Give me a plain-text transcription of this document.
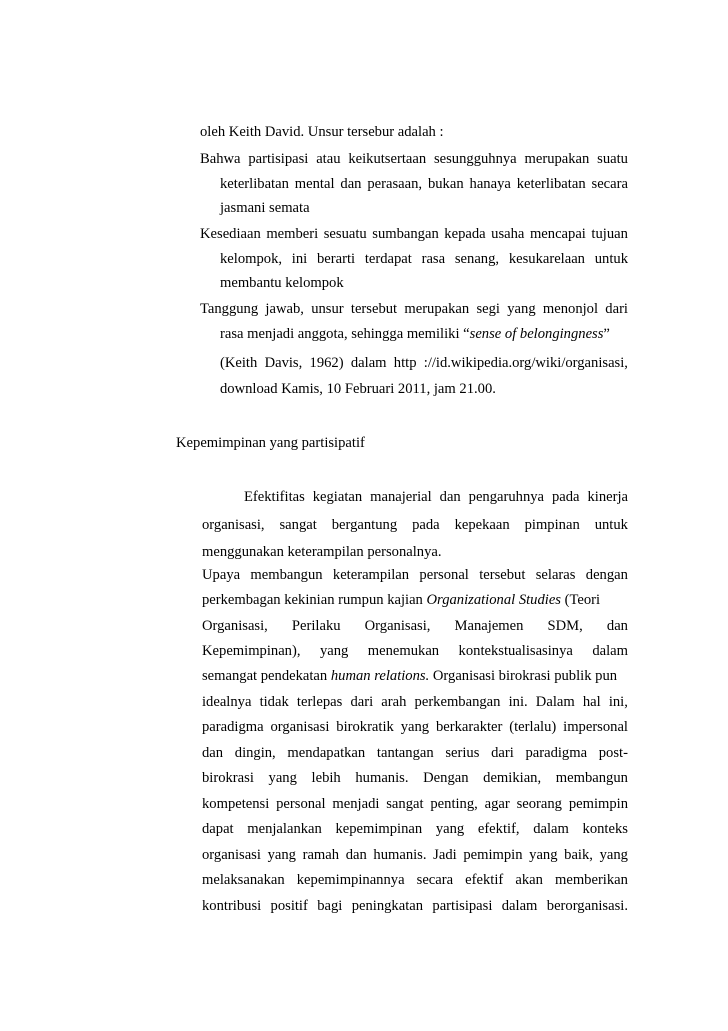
oleh Keith David. Unsur tersebur adalah :
Bahwa partisipasi atau keikutsertaan sesungguhnya merupakan suatu
keterlibatan mental dan perasaan, bukan hanaya keterlibatan secara
jasmani semata
Kesediaan memberi sesuatu sumbangan kepada usaha mencapai tujuan
kelompok, ini berarti terdapat rasa senang, kesukarelaan untuk
membantu kelompok
Tanggung jawab, unsur tersebut merupakan segi yang menonjol dari
rasa menjadi anggota, sehingga memiliki “sense of belongingness”
(Keith Davis, 1962) dalam http ://id.wikipedia.org/wiki/organisasi,
download Kamis, 10 Februari 2011, jam 21.00.
Kepemimpinan yang partisipatif
Efektifitas kegiatan manajerial dan pengaruhnya pada kinerja
organisasi, sangat bergantung pada kepekaan pimpinan untuk
menggunakan keterampilan personalnya.
Upaya membangun keterampilan personal tersebut selaras dengan
perkembagan kekinian rumpun kajian Organizational Studies (Teori
Organisasi, Perilaku Organisasi, Manajemen SDM, dan
Kepemimpinan), yang menemukan kontekstualisasinya dalam
semangat pendekatan human relations. Organisasi birokrasi publik pun
idealnya tidak terlepas dari arah perkembangan ini. Dalam hal ini,
paradigma organisasi birokratik yang berkarakter (terlalu) impersonal
dan dingin, mendapatkan tantangan serius dari paradigma post-
birokrasi yang lebih humanis. Dengan demikian, membangun
kompetensi personal menjadi sangat penting, agar seorang pemimpin
dapat menjalankan kepemimpinan yang efektif, dalam konteks
organisasi yang ramah dan humanis. Jadi pemimpin yang baik, yang
melaksanakan kepemimpinannya secara efektif akan memberikan
kontribusi positif bagi peningkatan partisipasi dalam berorganisasi.
